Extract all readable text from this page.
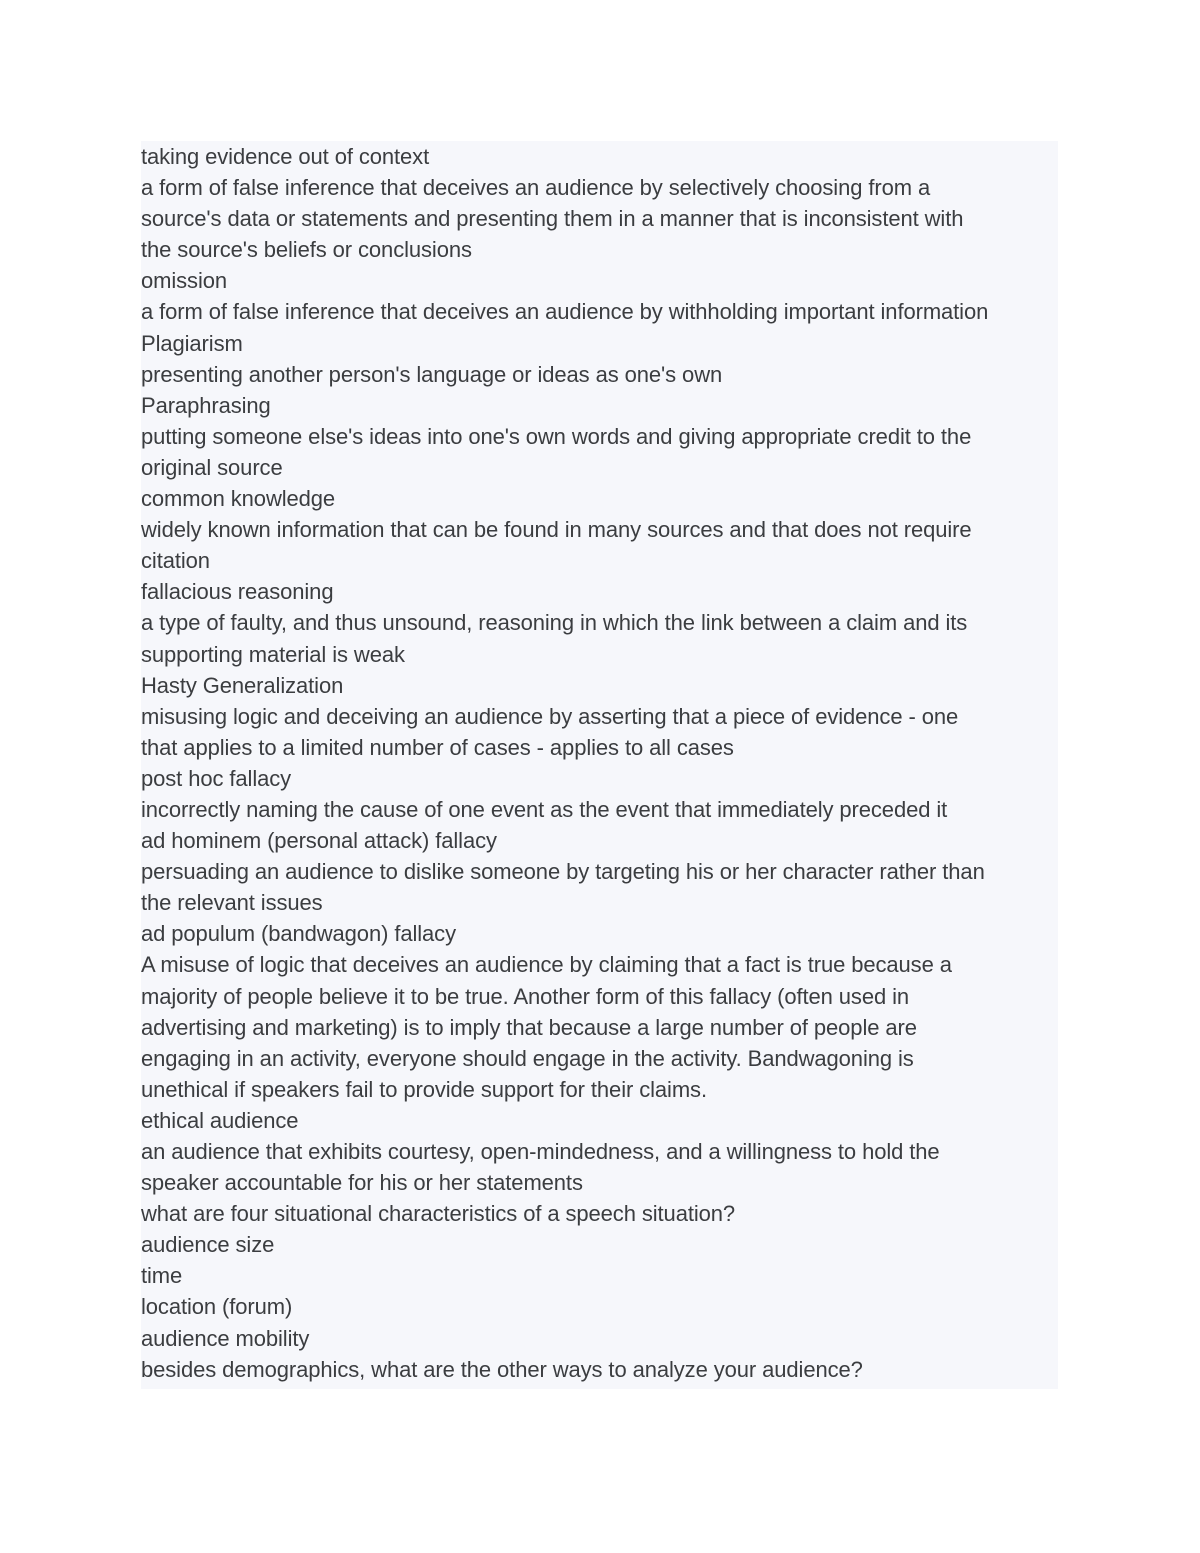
taking evidence out of context
a form of false inference that deceives an audience by selectively choosing from a
source's data or statements and presenting them in a manner that is inconsistent with
the source's beliefs or conclusions
omission
a form of false inference that deceives an audience by withholding important information
Plagiarism
presenting another person's language or ideas as one's own
Paraphrasing
putting someone else's ideas into one's own words and giving appropriate credit to the
original source
common knowledge
widely known information that can be found in many sources and that does not require
citation
fallacious reasoning
a type of faulty, and thus unsound, reasoning in which the link between a claim and its
supporting material is weak
Hasty Generalization
misusing logic and deceiving an audience by asserting that a piece of evidence - one
that applies to a limited number of cases - applies to all cases
post hoc fallacy
incorrectly naming the cause of one event as the event that immediately preceded it
ad hominem (personal attack) fallacy
persuading an audience to dislike someone by targeting his or her character rather than
the relevant issues
ad populum (bandwagon) fallacy
A misuse of logic that deceives an audience by claiming that a fact is true because a
majority of people believe it to be true. Another form of this fallacy (often used in
advertising and marketing) is to imply that because a large number of people are
engaging in an activity, everyone should engage in the activity. Bandwagoning is
unethical if speakers fail to provide support for their claims.
ethical audience
an audience that exhibits courtesy, open-mindedness, and a willingness to hold the
speaker accountable for his or her statements
what are four situational characteristics of a speech situation?
audience size
time
location (forum)
audience mobility
besides demographics, what are the other ways to analyze your audience?
